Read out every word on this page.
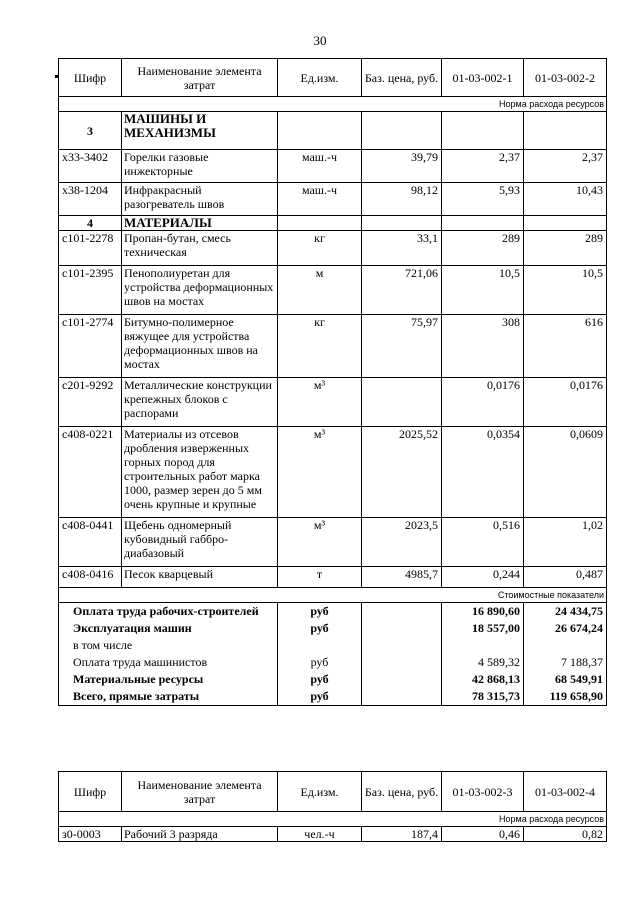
30
Шифр	Наименование элемента затрат	Ед.изм.	Баз. цена, руб.	01-03-002-1	01-03-002-2
Норма расхода ресурсов					
3	МАШИНЫ И МЕХАНИЗМЫ				
х33-3402	Горелки газовые инжекторные	маш.-ч	39,79	2,37	2,37
х38-1204	Инфракрасный разогреватель швов	маш.-ч	98,12	5,93	10,43
4	МАТЕРИАЛЫ				
с101-2278	Пропан-бутан, смесь техническая	кг	33,1	289	289
с101-2395	Пенополиуретан для устройства деформационных швов на мостах	м	721,06	10,5	10,5
с101-2774	Битумно-полимерное вяжущее для устройства деформационных швов на мостах	кг	75,97	308	616
с201-9292	Металлические конструкции крепежных блоков с распорами	м³		0,0176	0,0176
с408-0221	Материалы из отсевов дробления изверженных горных пород для строительных работ марка 1000, размер зерен до 5 мм очень крупные и крупные	м³	2025,52	0,0354	0,0609
с408-0441	Щебень одномерный кубовидный габбро-диабазовый	м³	2023,5	0,516	1,02
с408-0416	Песок кварцевый	т	4985,7	0,244	0,487
Стоимостные показатели					
Оплата труда рабочих-строителей		руб		16 890,60	24 434,75
Эксплуатация машин		руб		18 557,00	26 674,24
в том числе					
Оплата труда машинистов		руб		4 589,32	7 188,37
Материальные ресурсы		руб		42 868,13	68 549,91
Всего, прямые затраты		руб		78 315,73	119 658,90
Шифр	Наименование элемента затрат	Ед.изм.	Баз. цена, руб.	01-03-002-3	01-03-002-4
Норма расхода ресурсов					
з0-0003	Рабочий 3 разряда	чел.-ч	187,4	0,46	0,82
